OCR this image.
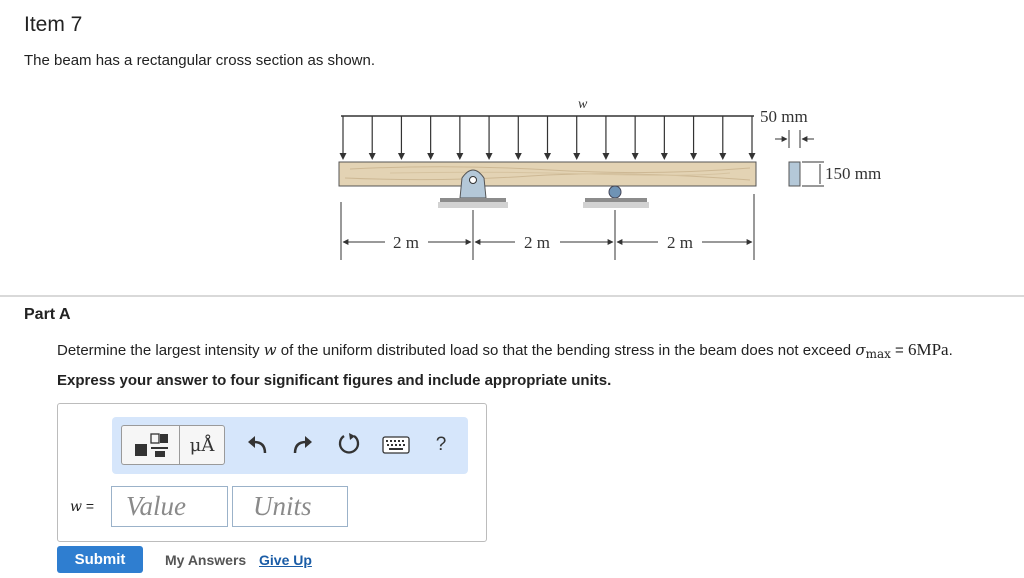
Item 7
The beam has a rectangular cross section as shown.
w
2 m	2 m	2 m
50 mm
150 mm
Part A
Determine the largest intensity w of the uniform distributed load so that the bending stress in the beam does not exceed $\sigma_{max} = 6MPa$.
Express your answer to four significant figures and include appropriate units.
μÅ	?
w =
Value
Units
Submit	My Answers Give Up
